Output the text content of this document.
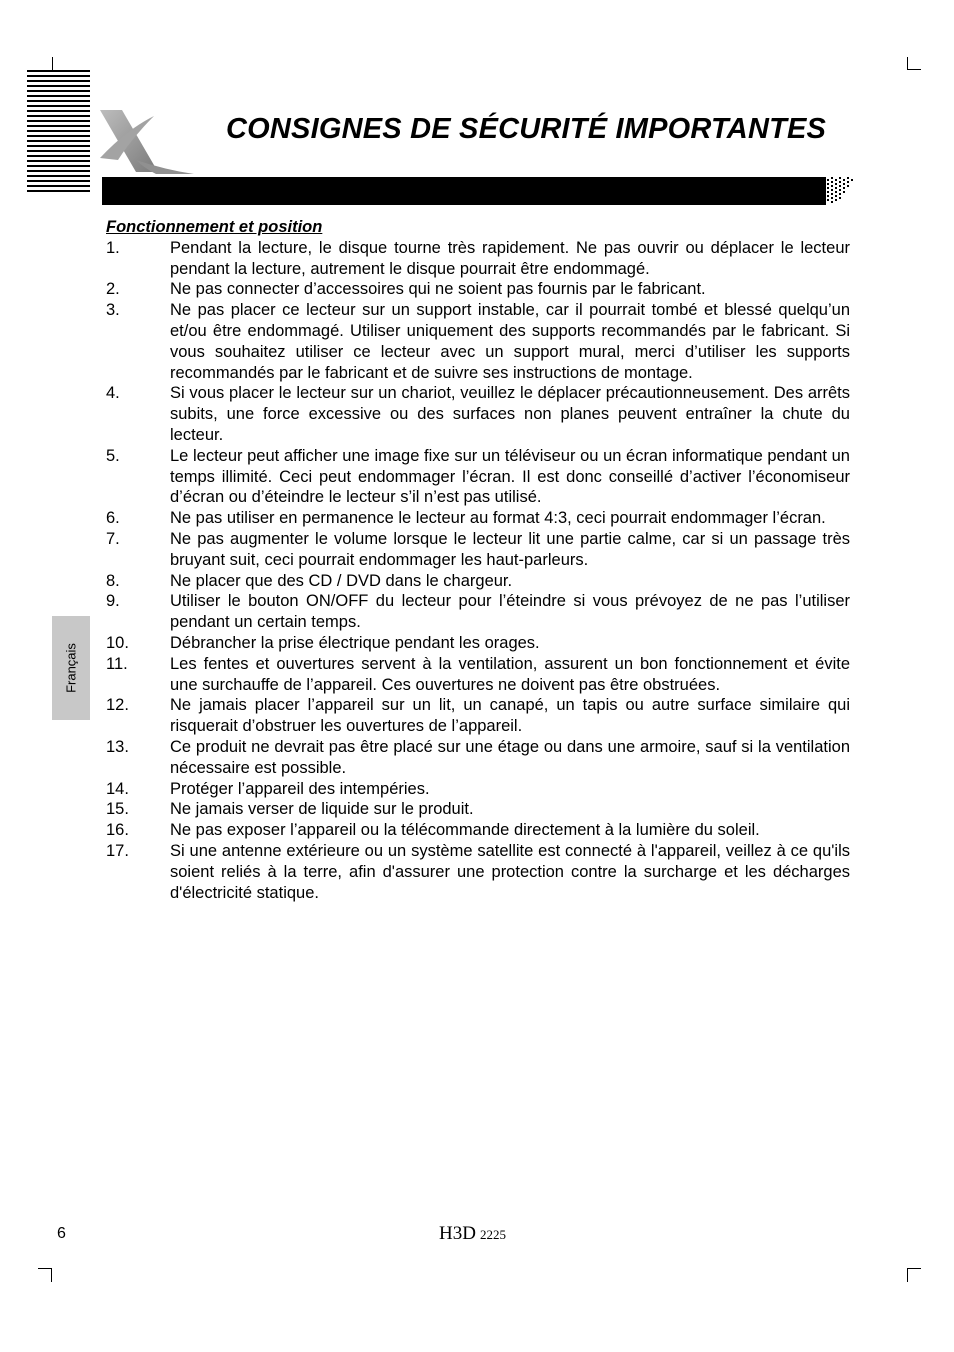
CONSIGNES DE SÉCURITÉ IMPORTANTES
Français

Fonctionnement et position

1.	Pendant la lecture, le disque tourne très rapidement. Ne pas ouvrir ou déplacer le lecteur pendant la lecture, autrement le disque pourrait être endommagé.
2.	Ne pas connecter d’accessoires qui ne soient pas fournis par le fabricant.
3.	Ne pas placer ce lecteur sur un support instable, car il pourrait tombé et blessé quelqu’un et/ou être endommagé. Utiliser uniquement des supports recommandés par le fabricant. Si vous souhaitez utiliser ce lecteur avec un support mural, merci d’utiliser les supports recommandés par le fabricant et de suivre ses instructions de montage.
4.	Si vous placer le lecteur sur un chariot, veuillez le déplacer précautionneusement. Des arrêts subits, une force excessive ou des surfaces non planes peuvent entraîner la chute du lecteur.
5.	Le lecteur peut afficher une image fixe sur un téléviseur ou un écran informatique pendant un temps illimité. Ceci peut endommager l’écran. Il est donc conseillé d’activer l’économiseur d’écran ou d’éteindre le lecteur s’il n’est pas utilisé.
6.	Ne pas utiliser en permanence le lecteur au format 4:3, ceci pourrait endommager l’écran.
7.	Ne pas augmenter le volume lorsque le lecteur lit une partie calme, car si un passage très bruyant suit, ceci pourrait endommager les haut-parleurs.
8.	Ne placer que des CD / DVD dans le chargeur.
9.	Utiliser le bouton ON/OFF du lecteur pour l’éteindre si vous prévoyez de ne pas l’utiliser pendant un certain temps.
10.	Débrancher la prise électrique pendant les orages.
11.	Les fentes et ouvertures servent à la ventilation, assurent un bon fonctionnement et évite une surchauffe de l’appareil. Ces ouvertures ne doivent pas être obstruées.
12.	Ne jamais placer l’appareil sur un lit, un canapé, un tapis ou autre surface similaire qui risquerait d’obstruer les ouvertures de l’appareil.
13.	Ce produit ne devrait pas être placé sur une étage ou dans une armoire, sauf si la ventilation nécessaire est possible.
14.	Protéger l’appareil des intempéries.
15.	Ne jamais verser de liquide sur le produit.
16.	Ne pas exposer l’appareil ou la télécommande directement à la lumière du soleil.
17.	Si une antenne extérieure ou un système satellite est connecté à l'appareil, veillez à ce qu'ils soient reliés à la terre, afin d'assurer une protection contre la surcharge et les décharges d'électricité statique.
6	H3D 2225
